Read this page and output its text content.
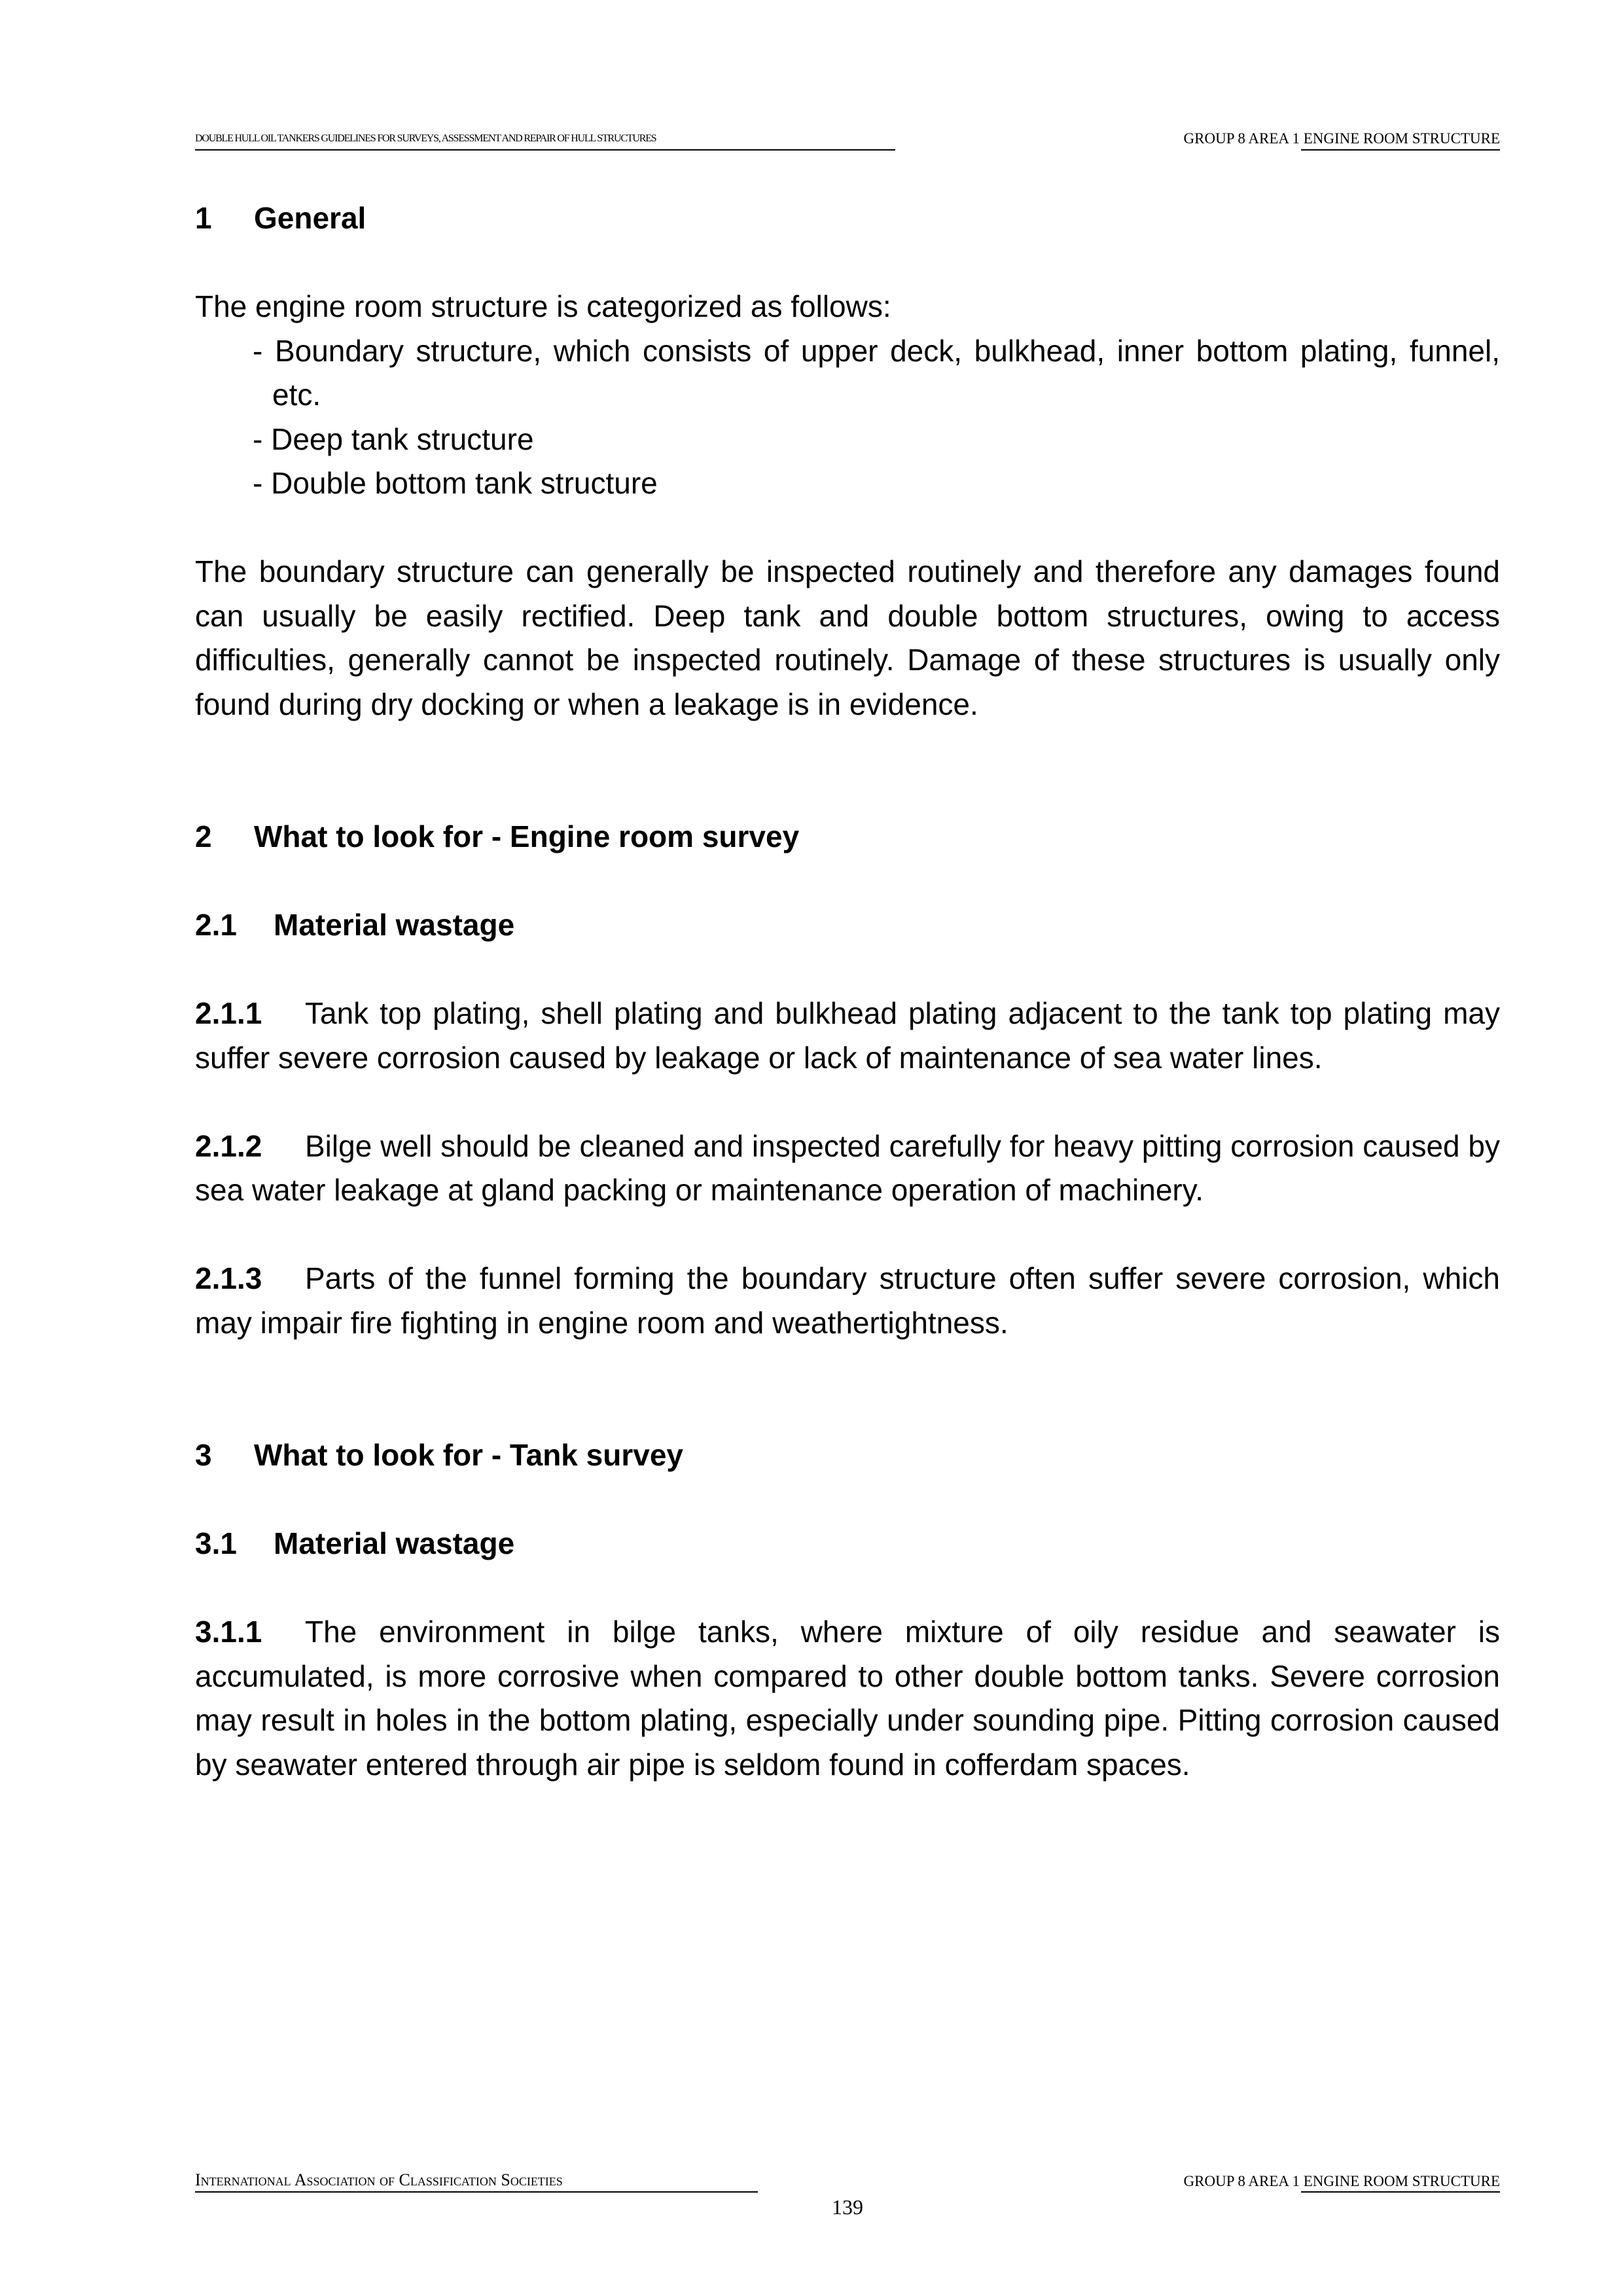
DOUBLE HULL OIL TANKERS GUIDELINES FOR SURVEYS, ASSESSMENT AND REPAIR OF HULL STRUCTURES	GROUP 8 AREA 1 ENGINE ROOM STRUCTURE
1 General

The engine room structure is categorized as follows:

- Boundary structure, which consists of upper deck, bulkhead, inner bottom plating, funnel, etc.
- Deep tank structure
- Double bottom tank structure

The boundary structure can generally be inspected routinely and therefore any damages found can usually be easily rectified. Deep tank and double bottom structures, owing to access difficulties, generally cannot be inspected routinely. Damage of these structures is usually only found during dry docking or when a leakage is in evidence.

2 What to look for - Engine room survey
2.1 Material wastage

2.1.1 Tank top plating, shell plating and bulkhead plating adjacent to the tank top plating may suffer severe corrosion caused by leakage or lack of maintenance of sea water lines.

2.1.2 Bilge well should be cleaned and inspected carefully for heavy pitting corrosion caused by sea water leakage at gland packing or maintenance operation of machinery.

2.1.3 Parts of the funnel forming the boundary structure often suffer severe corrosion, which may impair fire fighting in engine room and weathertightness.

3 What to look for - Tank survey
3.1 Material wastage

3.1.1 The environment in bilge tanks, where mixture of oily residue and seawater is accumulated, is more corrosive when compared to other double bottom tanks. Severe corrosion may result in holes in the bottom plating, especially under sounding pipe. Pitting corrosion caused by seawater entered through air pipe is seldom found in cofferdam spaces.

International Association of Classification Societies	GROUP 8 AREA 1 ENGINE ROOM STRUCTURE
139
